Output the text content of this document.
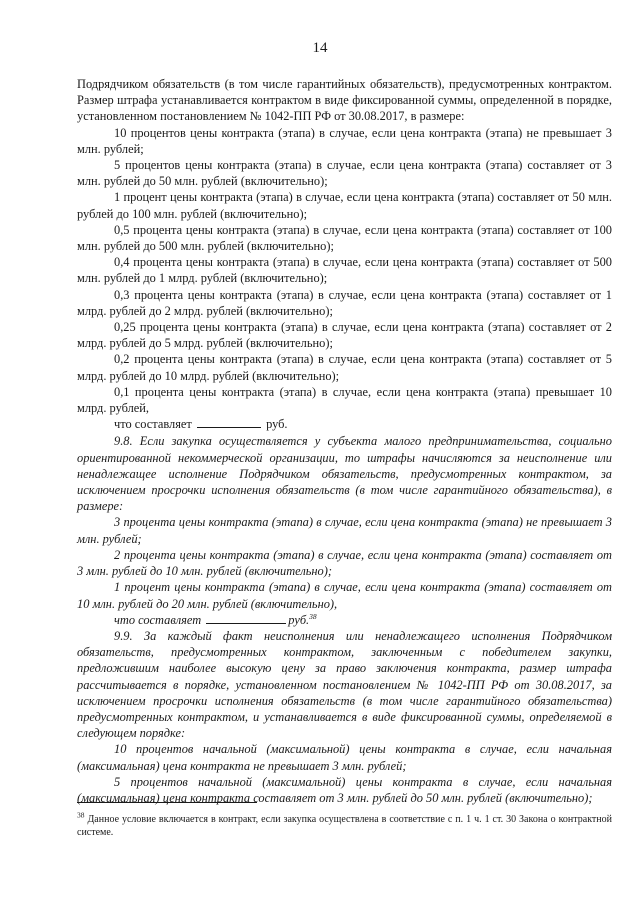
14

Подрядчиком обязательств (в том числе гарантийных обязательств), предусмотренных контрактом. Размер штрафа устанавливается контрактом в виде фиксированной суммы, определенной в порядке, установленном постановлением № 1042-ПП РФ от 30.08.2017, в размере:

10 процентов цены контракта (этапа) в случае, если цена контракта (этапа) не превышает 3 млн. рублей;

5 процентов цены контракта (этапа) в случае, если цена контракта (этапа) составляет от 3 млн. рублей до 50 млн. рублей (включительно);

1 процент цены контракта (этапа) в случае, если цена контракта (этапа) составляет от 50 млн. рублей до 100 млн. рублей (включительно);

0,5 процента цены контракта (этапа) в случае, если цена контракта (этапа) составляет от 100 млн. рублей до 500 млн. рублей (включительно);

0,4 процента цены контракта (этапа) в случае, если цена контракта (этапа) составляет от 500 млн. рублей до 1 млрд. рублей (включительно);

0,3 процента цены контракта (этапа) в случае, если цена контракта (этапа) составляет от 1 млрд. рублей до 2 млрд. рублей (включительно);

0,25 процента цены контракта (этапа) в случае, если цена контракта (этапа) составляет от 2 млрд. рублей до 5 млрд. рублей (включительно);

0,2 процента цены контракта (этапа) в случае, если цена контракта (этапа) составляет от 5 млрд. рублей до 10 млрд. рублей (включительно);

0,1 процента цены контракта (этапа) в случае, если цена контракта (этапа) превышает 10 млрд. рублей,

что составляет	руб.

9.8. Если закупка осуществляется у субъекта малого предпринимательства, социально ориентированной некоммерческой организации, то штрафы начисляются за неисполнение или ненадлежащее исполнение Подрядчиком обязательств, предусмотренных контрактом, за исключением просрочки исполнения обязательств (в том числе гарантийного обязательства), в размере:

3 процента цены контракта (этапа) в случае, если цена контракта (этапа) не превышает 3 млн. рублей;

2 процента цены контракта (этапа) в случае, если цена контракта (этапа) составляет от 3 млн. рублей до 10 млн. рублей (включительно);

1 процент цены контракта (этапа) в случае, если цена контракта (этапа) составляет от 10 млн. рублей до 20 млн. рублей (включительно),

что составляет	руб.$^{38}$

9.9. За каждый факт неисполнения или ненадлежащего исполнения Подрядчиком обязательств, предусмотренных контрактом, заключенным с победителем закупки, предложившим наиболее высокую цену за право заключения контракта, размер штрафа рассчитывается в порядке, установленном постановлением № 1042-ПП РФ от 30.08.2017, за исключением просрочки исполнения обязательств (в том числе гарантийного обязательства) предусмотренных контрактом, и устанавливается в виде фиксированной суммы, определяемой в следующем порядке:

10 процентов начальной (максимальной) цены контракта в случае, если начальная (максимальная) цена контракта не превышает 3 млн. рублей;

5 процентов начальной (максимальной) цены контракта в случае, если начальная (максимальная) цена контракта составляет от 3 млн. рублей до 50 млн. рублей (включительно);

$^{38}$ Данное условие включается в контракт, если закупка осуществлена в соответствие с п. 1 ч. 1 ст. 30 Закона о контрактной системе.
